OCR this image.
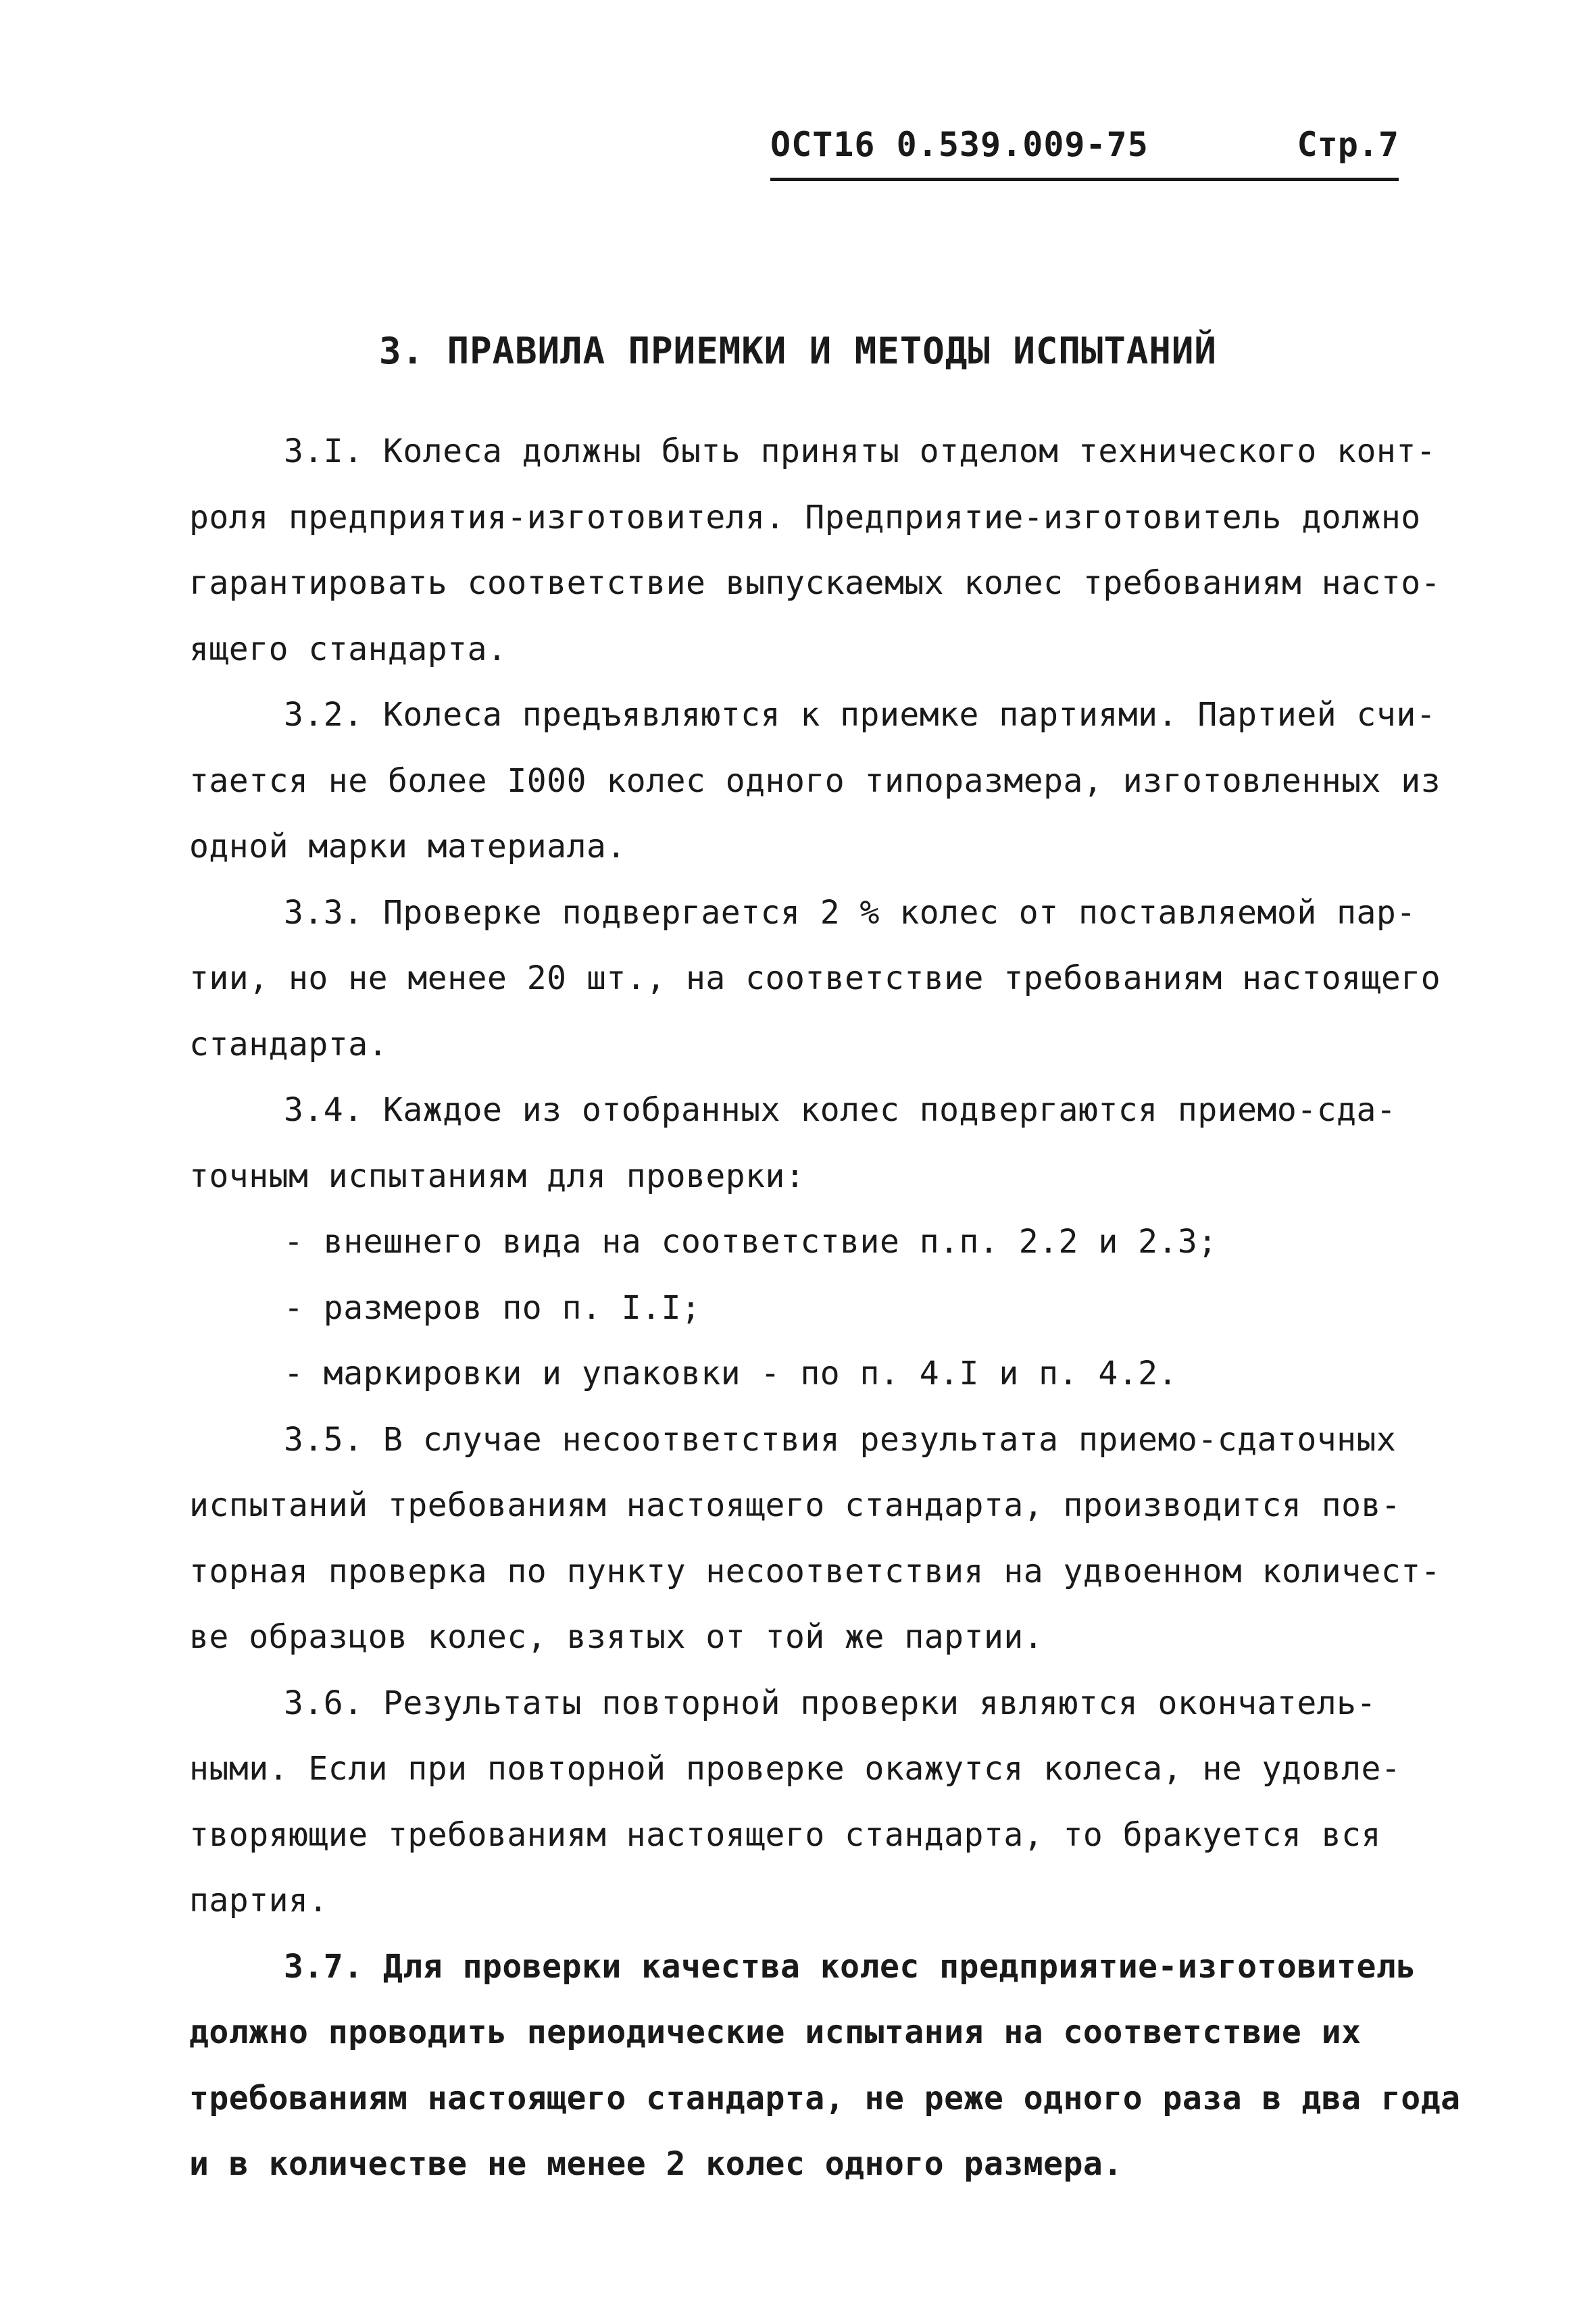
ОСТ16 0.539.009-75	Стр.7
3. ПРАВИЛА ПРИЕМКИ И МЕТОДЫ ИСПЫТАНИЙ
3.I. Колеса должны быть приняты отделом технического конт-
роля предприятия-изготовителя. Предприятие-изготовитель должно
гарантировать соответствие выпускаемых колес требованиям насто-
ящего стандарта.
3.2. Колеса предъявляются к приемке партиями. Партией счи-
тается не более I000 колес одного типоразмера, изготовленных из
одной марки материала.
3.3. Проверке подвергается 2 % колес от поставляемой пар-
тии, но не менее 20 шт., на соответствие требованиям настоящего
стандарта.
3.4. Каждое из отобранных колес подвергаются приемо-сда-
точным испытаниям для проверки:
- внешнего вида на соответствие п.п. 2.2 и 2.3;
- размеров по п. I.I;
- маркировки и упаковки - по п. 4.I и п. 4.2.
3.5. В случае несоответствия результата приемо-сдаточных
испытаний требованиям настоящего стандарта, производится пов-
торная проверка по пункту несоответствия на удвоенном количест-
ве образцов колес, взятых от той же партии.
3.6. Результаты повторной проверки являются окончатель-
ными. Если при повторной проверке окажутся колеса, не удовле-
творяющие требованиям настоящего стандарта, то бракуется вся
партия.
3.7. Для проверки качества колес предприятие-изготовитель
должно проводить периодические испытания на соответствие их
требованиям настоящего стандарта, не реже одного раза в два года
и в количестве не менее 2 колес одного размера.
